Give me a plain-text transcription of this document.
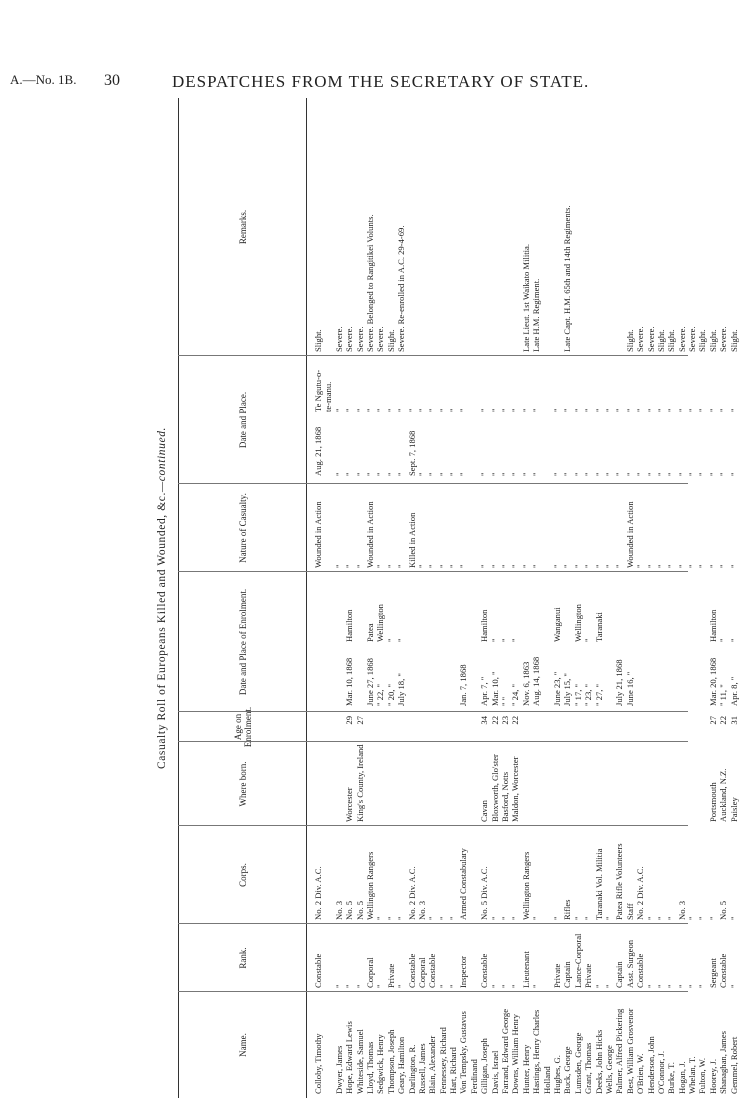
A.—No. 1B. 30	DESPATCHES FROM THE SECRETARY OF STATE.
Casualty Roll of Europeans Killed and Wounded, &c.—continued.
Name.
Rank.
Corps.
Where born.
Age on Enrolment.
Date and Place of Enrolment.
Nature of Casualty.
Date and Place.
Remarks.
Colloby, Timothy
Constable
No. 2 Div. A.C.
Wounded in Action
Aug. 21, 1868
Te Ngutu-o-
Slight.
te-manu.
Dwyer, James
"
No. 3
"
"
"
Severe.
Hope, Edward Lewis
"
No. 5
Worcester
29
Mar. 10, 1868
Hamilton
"
"
"
Severe.
Whiteside, Samuel
"
No. 5
King's County, Ireland
27
"
"
"
Severe.
Lloyd, Thomas
Corporal
Wellington Rangers
June 27, 1868
Patea
Wounded in Action
"
"
Severe. Belonged to Rangitikei Volunts.
Sedgwick, Henry
"
"
" 22, "
Wellington
"
"
"
Severe.
Thompson, Joseph
Private
"
" 20, "
"
"
"
"
Slight.
Geary, Hamilton
"
"
July 18, "
"
"
"
"
Severe. Re-enrolled in A.C. 29-4-69.
Darlington, R.
Constable
No. 2 Div. A.C.
Killed in Action
Sept. 7, 1868
"
Russell, James
Corporal
No. 3
"
"
"
Blain, Alexander
Constable
"
"
"
"
Fennessey, Richard
"
"
"
"
"
Hart, Richard
"
"
"
"
"
Von Tempsky, Gustavus
Inspector
Armed Constabulary
Jan. 7, 1868
"
"
"
Ferdinand Gilligan, Joseph
Constable
No. 5 Div. A.C.
Cavan
34
Apr. 7, "
Hamilton
"
"
"
Davis, Israel
"
"
Bloxworth, Glo'ster
22
Mar. 10, "
"
"
"
"
Farrand, Edward George
"
"
Basford, Notts
23
" "
"
"
"
"
Downs, William Henry
"
"
Maldon, Worcester
22
" 24, "
"
"
"
"
Hunter, Henry
Lieutenant
Wellington Rangers
Nov. 6, 1863
"
"
"
Late Lieut. 1st Waikato Militia.
Hastings, Henry Charles
"
"
Aug. 14, 1868
"
"
"
Late H.M. Regiment.
Holland Hughes, G.
Private
"
June 23, "
Wanganui
"
"
"
Buck, George
Captain
Rifles
July 15, "
"
"
"
Late Capt. H.M. 65th and 14th Regiments.
Lumsden, George
Lance-Corporal
"
" 17, "
Wellington
"
"
"
Grant, Thomas
Private
"
" 23, "
"
"
"
"
Deeks, John Hicks
"
Taranaki Vol. Militia
" 27, "
Taranaki
"
"
"
Wells, George
"
"
"
"
"
Palmer, Alfred Pickering
Captain
Patea Rifle Volunteers
July 21, 1868
"
"
"
Best, William Grosvenor
Asst. Surgeon
Staff
June 16, "
Wounded in Action
"
"
Slight.
O'Brien, W.
Constable
No. 2 Div. A.C.
"
"
"
Severe.
Henderson, John
"
"
"
"
"
Severe.
O'Connor, J.
"
"
"
"
"
Slight.
Burke, T.
"
"
"
"
"
Slight.
Hogan, J.
"
No. 3
"
"
"
Severe.
Whelan, T.
"
"
"
"
"
Severe.
Fulton, W.
"
"
"
"
"
Slight.
Hoorey, J.
Sergeant
"
Portsmouth
27
Mar. 20, 1868
Hamilton
"
"
"
Slight.
Shanaghan, James
Constable
No. 5
Auckland, N.Z.
22
" 11, "
"
"
"
"
Severe.
Gemmel, Robert
"
"
Paisley
31
Apr. 8, "
"
"
"
"
Slight.
